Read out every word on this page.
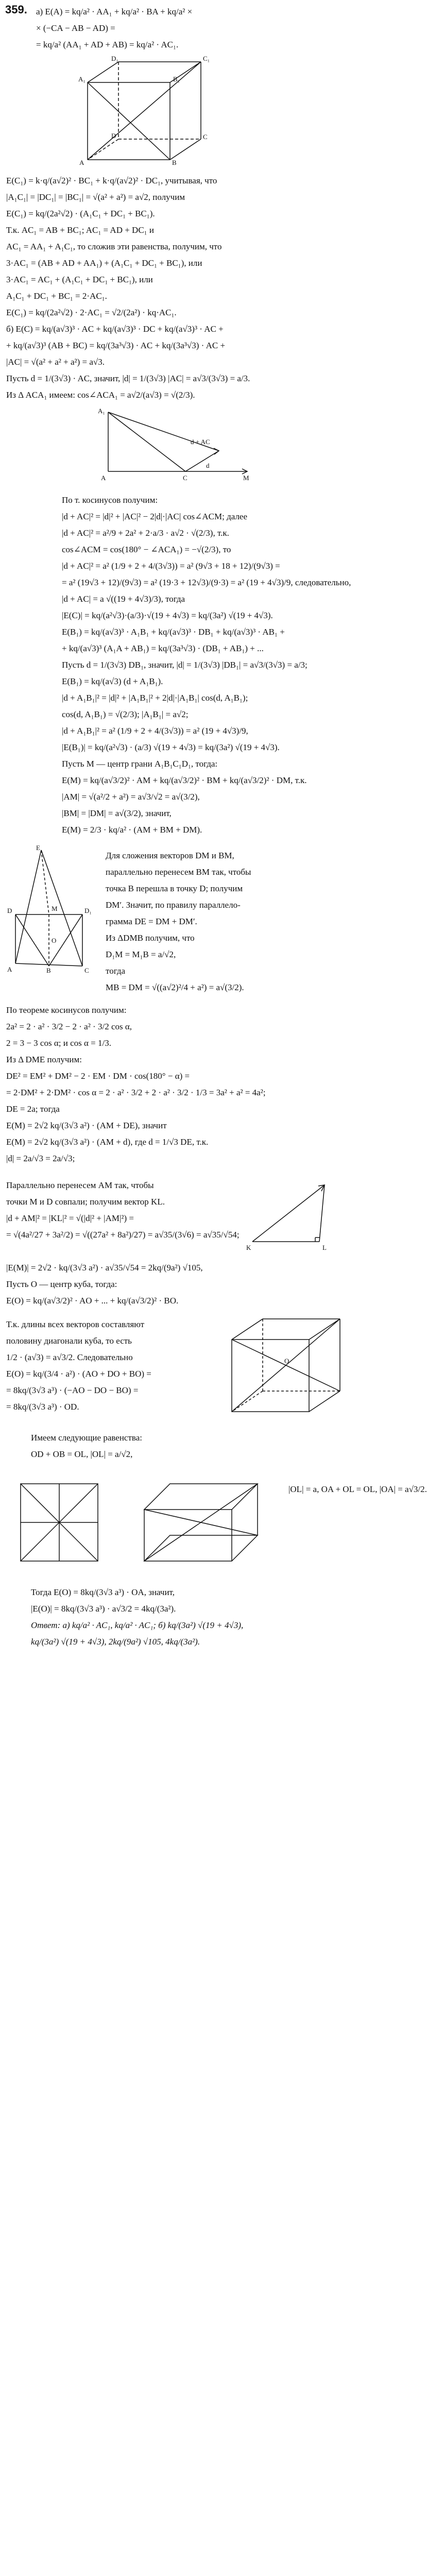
359. а) E(A) = kq/a² · AA₁ + kq/a² · BA + kq/a² ×
× (−CA − AB − AD) =
= kq/a² (AA₁ + AD + AB) = kq/a² · AC₁.
D₁	C₁
B₁
A₁
D	C
B
A
E(C₁) = k·q/(a√2)² · BC₁ + k·q/(a√2)² · DC₁, учитывая, что
|A₁C₁| = |DC₁| = |BC₁| = √(a² + a²) = a√2, получим
E(C₁) = kq/(2a²√2) · (A₁C₁ + DC₁ + BC₁).
Т.к. AC₁ = AB + BC₁; AC₁ = AD + DC₁ и
AC₁ = AA₁ + A₁C₁, то сложив эти равенства, получим, что
3·AC₁ = (AB + AD + AA₁) + (A₁C₁ + DC₁ + BC₁), или
3·AC₁ = AC₁ + (A₁C₁ + DC₁ + BC₁), или
A₁C₁ + DC₁ + BC₁ = 2·AC₁.
E(C₁) = kq/(2a²√2) · 2·AC₁ = √2/(2a²) · kq·AC₁.
б) E(C) = kq/(a√3)³ · AC + kq/(a√3)³ · DC + kq/(a√3)³ · AC +
+ kq/(a√3)³ (AB + BC) = kq/(3a³√3) · AC + kq/(3a³√3) · AC +
|AC| = √(a² + a² + a²) = a√3.
Пусть d = 1/(3√3) · AC, значит, |d| = 1/(3√3) |AC| = a√3/(3√3) = a/3.
Из Δ ACA₁ имеем: cos∠ACA₁ = a√2/(a√3) = √(2/3).
A₁
A	C
d
d + AC
M
По т. косинусов получим:
|d + AC|² = |d|² + |AC|² − 2|d|·|AC| cos∠ACM; далее
|d + AC|² = a²/9 + 2a² + 2·a/3 · a√2 · √(2/3), т.к.
cos∠ACM = cos(180° − ∠ACA₁) = −√(2/3), то
|d + AC|² = a² (1/9 + 2 + 4/(3√3)) = a² (9√3 + 18 + 12)/(9√3) =
= a² (19√3 + 12)/(9√3) = a² (19·3 + 12√3)/(9·3) = a² (19 + 4√3)/9, следовательно,
|d + AC| = a √((19 + 4√3)/3), тогда
|E(C)| = kq/(a²√3)·(a/3)·√(19 + 4√3) = kq/(3a²) √(19 + 4√3).
E(B₁) = kq/(a√3)³ · A₁B₁ + kq/(a√3)³ · DB₁ + kq/(a√3)³ · AB₁ +
+ kq/(a√3)³ (A₁A + AB₁) = kq/(3a³√3) · (DB₁ + AB₁) + ...
Пусть d = 1/(3√3) DB₁, значит, |d| = 1/(3√3) |DB₁| = a√3/(3√3) = a/3;
E(B₁) = kq/(a√3) (d + A₁B₁).
|d + A₁B₁|² = |d|² + |A₁B₁|² + 2|d|·|A₁B₁| cos(d, A₁B₁);
cos(d, A₁B₁) = √(2/3); |A₁B₁| = a√2;
|d + A₁B₁|² = a² (1/9 + 2 + 4/(3√3)) = a² (19 + 4√3)/9,
|E(B₁)| = kq/(a²√3) · (a/3) √(19 + 4√3) = kq/(3a²) √(19 + 4√3).
Пусть M — центр грани A₁B₁C₁D₁, тогда:
E(M) = kq/(a√3/2)² · AM + kq/(a√3/2)² · BM + kq/(a√3/2)² · DM, т.к.
|AM| = √(a²/2 + a²) = a√3/√2 = a√(3/2),
|BM| = |DM| = a√(3/2), значит,
E(M) = 2/3 · kq/a² · (AM + BM + DM).
E
A	B	C
D	M	D₁
O
Для сложения векторов DM и BM,
параллельно перенесем BM так, чтобы
точка B перешла в точку D; получим
DM′. Значит, по правилу параллело-
грамма DE = DM + DM′.
Из ΔDMB получим, что
D₁M = M₁B = a/√2,
тогда
MB = DM = √((a√2)²/4 + a²) = a√(3/2).
По теореме косинусов получим:
2a² = 2 · a² · 3/2 − 2 · a² · 3/2 cos α,
2 = 3 − 3 cos α; и cos α = 1/3.
Из Δ DME получим:
DE² = EM² + DM² − 2 · EM · DM · cos(180° − α) =
= 2·DM² + 2·DM² · cos α = 2 · a² · 3/2 + 2 · a² · 3/2 · 1/3 = 3a² + a² = 4a²;
DE = 2a; тогда
E(M) = 2√2 kq/(3√3 a²) · (AM + DE), значит
E(M) = 2√2 kq/(3√3 a²) · (AM + d), где d = 1/√3 DE, т.к.
|d| = 2a/√3 = 2a/√3;
K	L
Параллельно перенесем AM так, чтобы
точки M и D совпали; получим вектор KL.
|d + AM|² = |KL|² = √(|d|² + |AM|²) =
= √(4a²/27 + 3a²/2) = √((27a² + 8a²)/27) = a√35/(3√6) = a√35/√54;
|E(M)| = 2√2 · kq/(3√3 a²) · a√35/√54 = 2kq/(9a²) √105,
Пусть O — центр куба, тогда:
E(O) = kq/(a√3/2)² · AO + ... + kq/(a√3/2)² · BO.
O
Т.к. длины всех векторов составляют
половину диагонали куба, то есть
1/2 · (a√3) = a√3/2. Следовательно
E(O) = kq/(3/4 · a²) · (AO + DO + BO) =
= 8kq/(3√3 a³) · (−AO − DO − BO) =
= 8kq/(3√3 a³) · OD.
Имеем следующие равенства:
OD + OB = OL, |OL| = a/√2,
|OL| = a, OA + OL = OL, |OA| = a√3/2.
Тогда E(O) = 8kq/(3√3 a³) · OA, значит,
|E(O)| = 8kq/(3√3 a³) · a√3/2 = 4kq/(3a²).
Ответ: а) kq/a² · AC₁, kq/a² · AC₁; б) kq/(3a²) √(19 + 4√3),
kq/(3a²) √(19 + 4√3), 2kq/(9a²) √105, 4kq/(3a²).
